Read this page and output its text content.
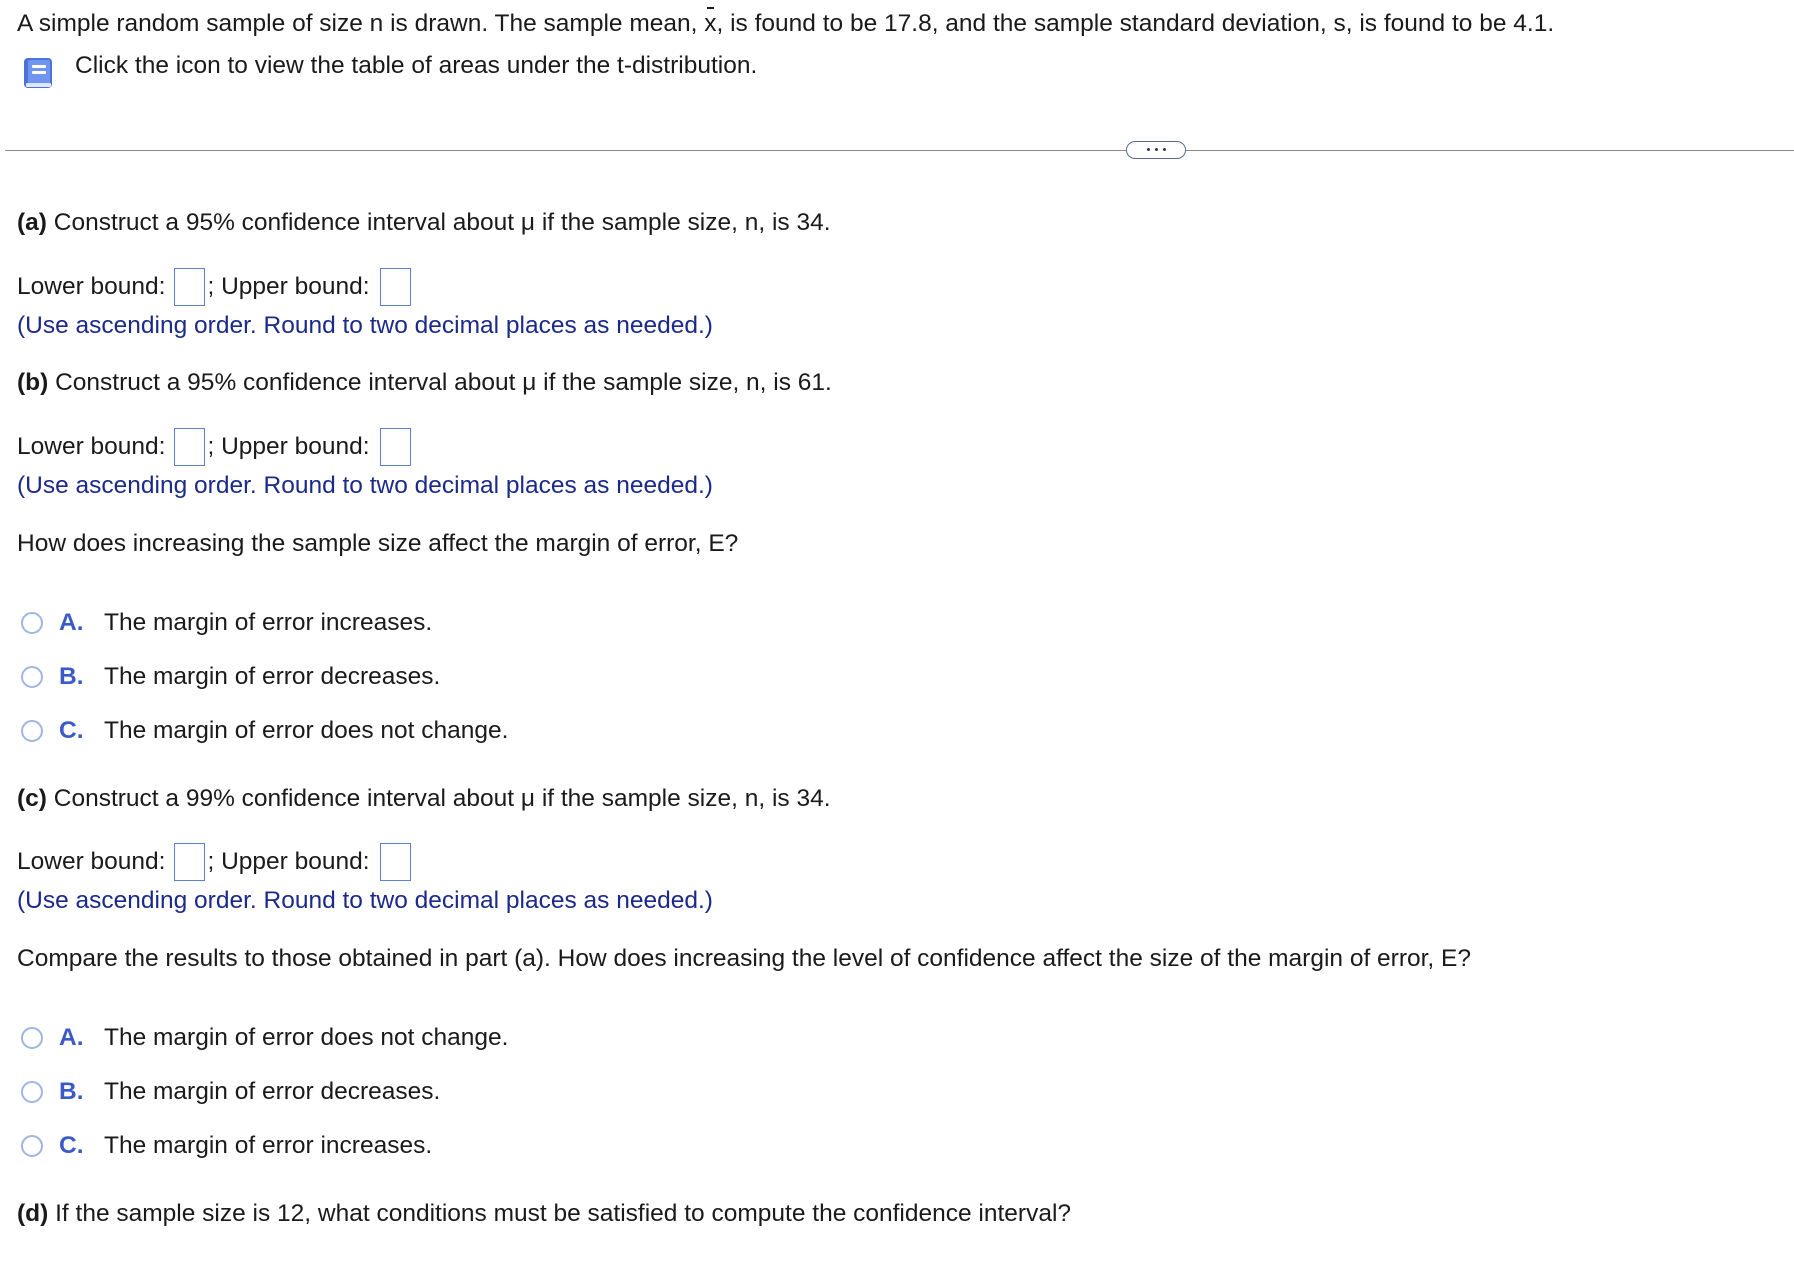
A simple random sample of size n is drawn. The sample mean, x, is found to be 17.8, and the sample standard deviation, s, is found to be 4.1.
Click the icon to view the table of areas under the t-distribution.
(a) Construct a 95% confidence interval about μ if the sample size, n, is 34.
Lower bound: ; Upper bound:
(Use ascending order. Round to two decimal places as needed.)
(b) Construct a 95% confidence interval about μ if the sample size, n, is 61.
Lower bound: ; Upper bound:
(Use ascending order. Round to two decimal places as needed.)
How does increasing the sample size affect the margin of error, E?
A. The margin of error increases.
B. The margin of error decreases.
C. The margin of error does not change.
(c) Construct a 99% confidence interval about μ if the sample size, n, is 34.
Lower bound: ; Upper bound:
(Use ascending order. Round to two decimal places as needed.)
Compare the results to those obtained in part (a). How does increasing the level of confidence affect the size of the margin of error, E?
A. The margin of error does not change.
B. The margin of error decreases.
C. The margin of error increases.
(d) If the sample size is 12, what conditions must be satisfied to compute the confidence interval?
